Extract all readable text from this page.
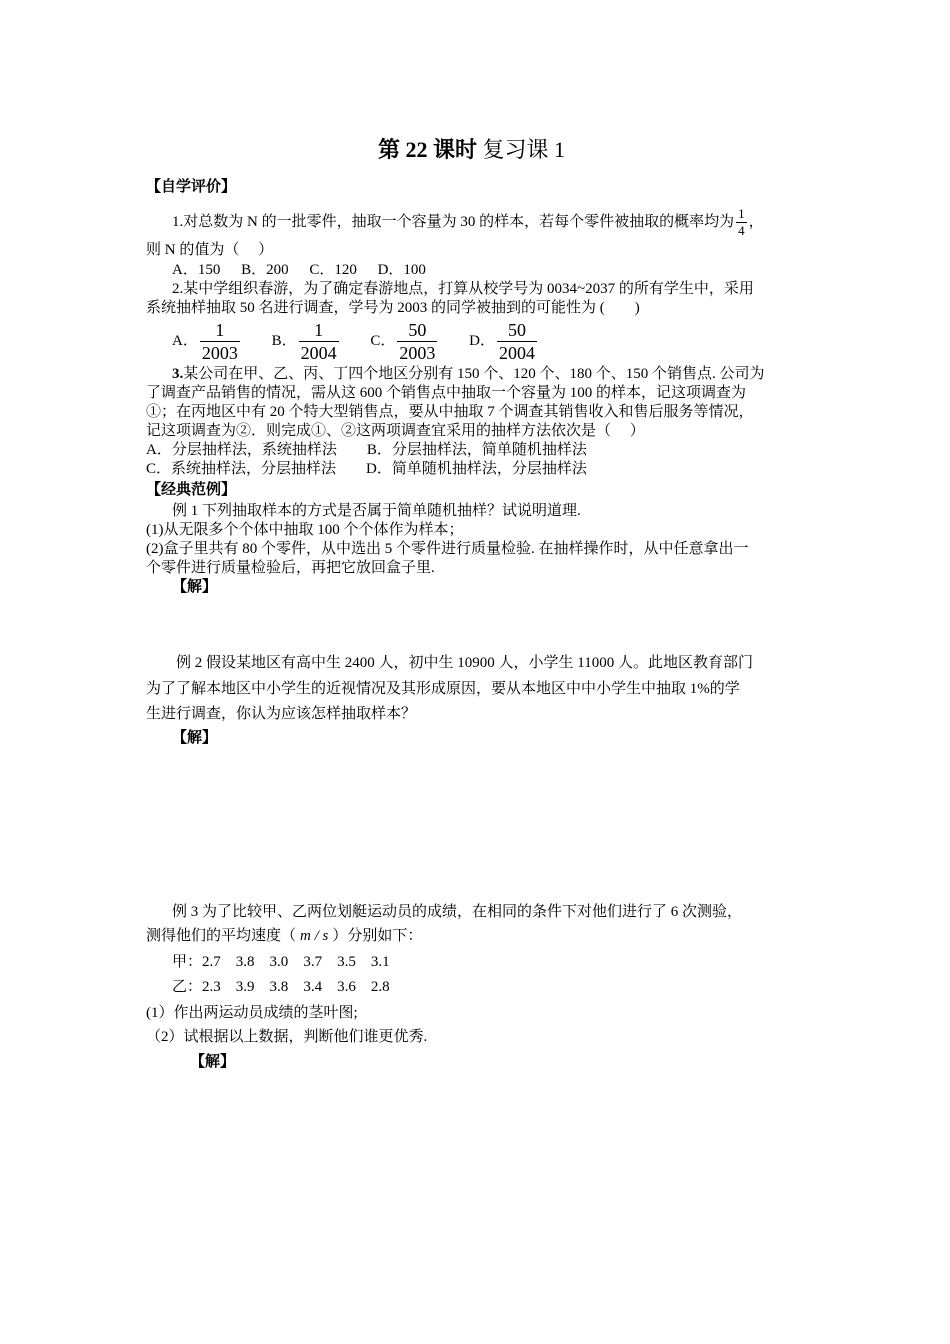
第 22 课时 复习课 1
【自学评价】
1.对总数为 N 的一批零件，抽取一个容量为 30 的样本，若每个零件被抽取的概率均为 $\frac{1}{4}$ ，
则 N 的值为（　 ）
A．150　 B．200　 C．120　 D．100
2.某中学组织春游，为了确定春游地点，打算从校学号为 0034~2037 的所有学生中，采用
系统抽样抽取 50 名进行调查，学号为 2003 的同学被抽到的可能性为 (　　)
A． $\frac{1}{2003}$ B． $\frac{1}{2004}$ C． $\frac{50}{2003}$ D． $\frac{50}{2004}$
3.某公司在甲、乙、丙、丁四个地区分别有 150 个、120 个、180 个、150 个销售点. 公司为
了调查产品销售的情况，需从这 600 个销售点中抽取一个容量为 100 的样本，记这项调查为
①；在丙地区中有 20 个特大型销售点，要从中抽取 7 个调查其销售收入和售后服务等情况，
记这项调查为②．则完成①、②这两项调查宜采用的抽样方法依次是（　 ）
A．分层抽样法，系统抽样法　　B．分层抽样法，简单随机抽样法
C．系统抽样法，分层抽样法　　D．简单随机抽样法，分层抽样法
【经典范例】
例 1 下列抽取样本的方式是否属于简单随机抽样？试说明道理.
(1)从无限多个个体中抽取 100 个个体作为样本；
(2)盒子里共有 80 个零件，从中选出 5 个零件进行质量检验. 在抽样操作时，从中任意拿出一
个零件进行质量检验后，再把它放回盒子里.
【解】
例 2 假设某地区有高中生 2400 人，初中生 10900 人，小学生 11000 人。此地区教育部门
为了了解本地区中小学生的近视情况及其形成原因，要从本地区中中小学生中抽取 1%的学
生进行调查，你认为应该怎样抽取样本？
【解】
例 3 为了比较甲、乙两位划艇运动员的成绩，在相同的条件下对他们进行了 6 次测验，
测得他们的平均速度（ m / s ）分别如下：
甲：2.7　 3.8　 3.0　 3.7　 3.5　 3.1
乙：2.3　 3.9　 3.8　 3.4　 3.6　 2.8
(1）作出两运动员成绩的茎叶图;
（2）试根据以上数据，判断他们谁更优秀.
【解】
